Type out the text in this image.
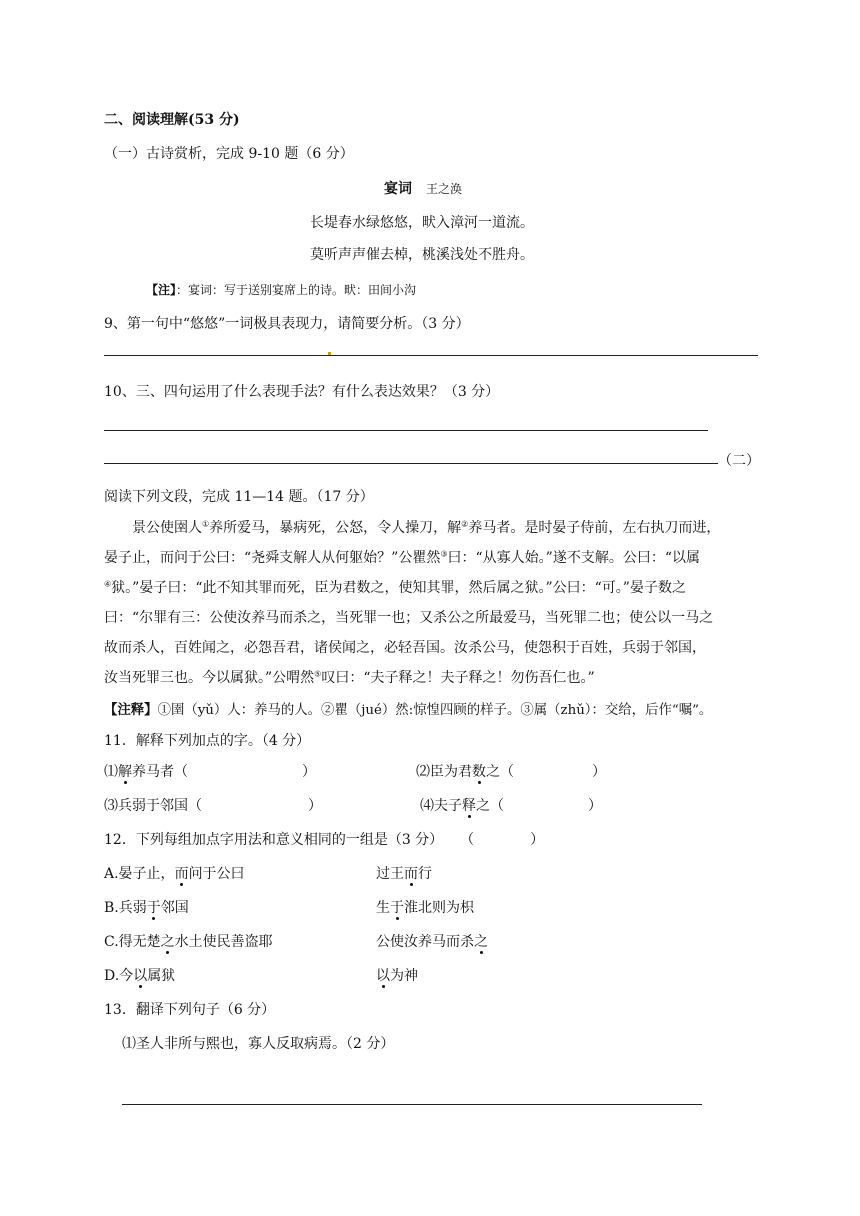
二、阅读理解(53 分)
（一）古诗赏析，完成 9-10 题（6 分）
宴词 王之涣
长堤春水绿悠悠，畎入漳河一道流。
莫听声声催去棹，桃溪浅处不胜舟。
【注】：宴词：写于送别宴席上的诗。畎：田间小沟
9、第一句中“悠悠”一词极具表现力，请简要分析。（3 分）
10、三、四句运用了什么表现手法？有什么表达效果？（3 分）
（二）
阅读下列文段，完成 11—14 题。（17 分）
景公使圉人①养所爱马，暴病死，公怒，令人操刀，解②养马者。是时晏子侍前，左右执刀而进，
晏子止，而问于公曰：“尧舜支解人从何躯始？”公瞿然③曰：“从寡人始。”遂不支解。公曰：“以属
④狱。”晏子曰：“此不知其罪而死，臣为君数之，使知其罪，然后属之狱。”公曰：“可。”晏子数之
曰：“尔罪有三：公使汝养马而杀之，当死罪一也；又杀公之所最爱马，当死罪二也；使公以一马之
故而杀人，百姓闻之，必怨吾君，诸侯闻之，必轻吾国。汝杀公马，使怨积于百姓，兵弱于邻国，
汝当死罪三也。今以属狱。”公喟然⑤叹曰：“夫子释之！夫子释之！勿伤吾仁也。”
【注释】①圉（yǔ）人：养马的人。②瞿（jué）然:惊惶四顾的样子。③属（zhǔ）：交给，后作“嘱”。
11．解释下列加点的字。（4 分）
⑴解养马者（	）	⑵臣为君数之（	）
⑶兵弱于邻国（	）	⑷夫子释之（	）
12．下列每组加点字用法和意义相同的一组是（3 分） （　　　　）
A.晏子止，而问于公曰	过王而行
B.兵弱于邻国	生于淮北则为枳
C.得无楚之水土使民善盗耶	公使汝养马而杀之
D.今以属狱	以为神
13．翻译下列句子（6 分）
⑴圣人非所与熙也，寡人反取病焉。（2 分）
